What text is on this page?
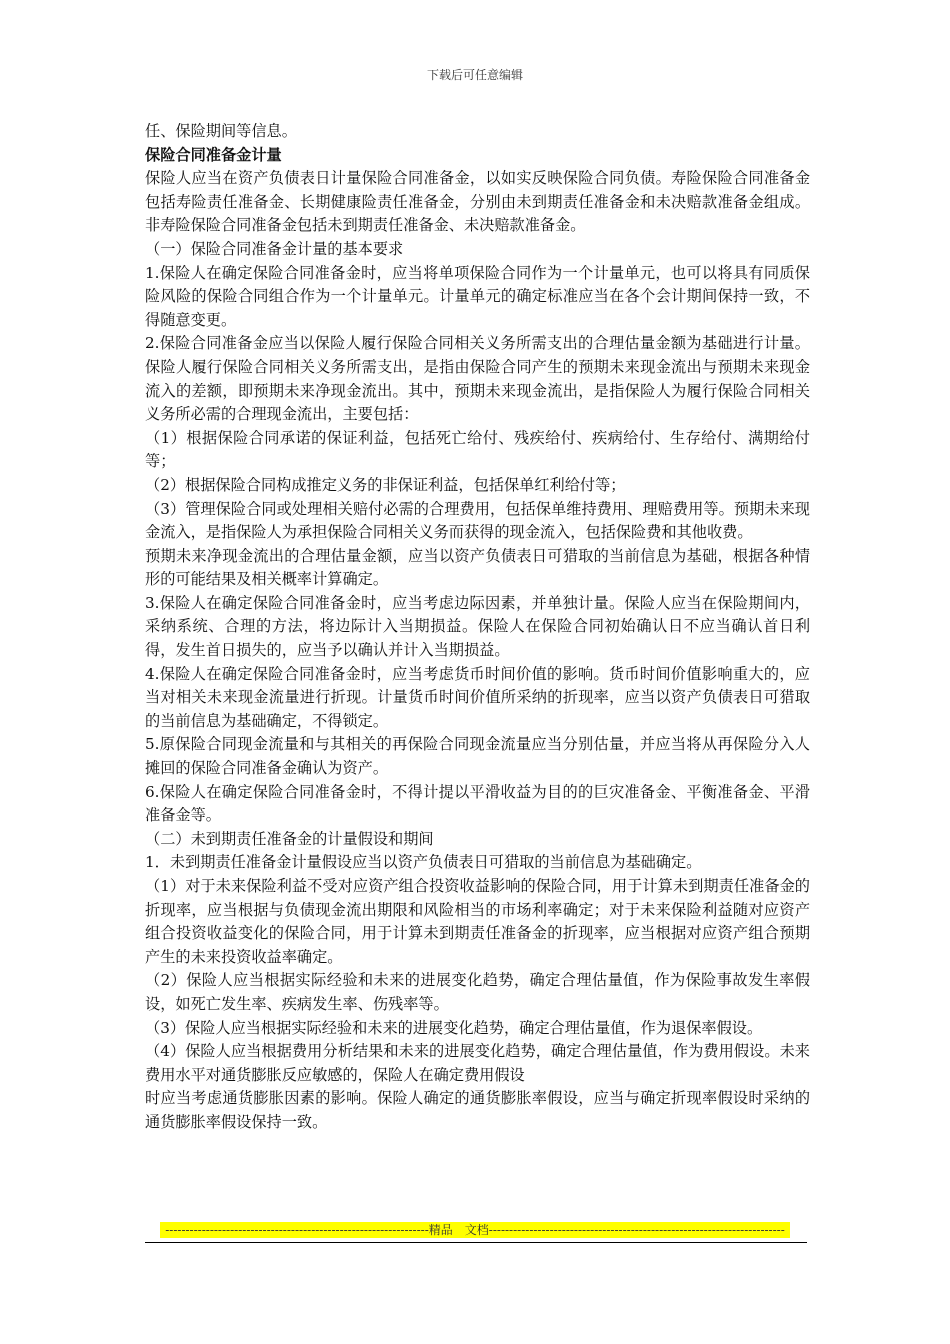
下载后可任意编辑

任、保险期间等信息。

保险合同准备金计量

保险人应当在资产负债表日计量保险合同准备金，以如实反映保险合同负债。寿险保险合同准备金包括寿险责任准备金、长期健康险责任准备金，分别由未到期责任准备金和未决赔款准备金组成。非寿险保险合同准备金包括未到期责任准备金、未决赔款准备金。

（一）保险合同准备金计量的基本要求

1.保险人在确定保险合同准备金时，应当将单项保险合同作为一个计量单元，也可以将具有同质保险风险的保险合同组合作为一个计量单元。计量单元的确定标准应当在各个会计期间保持一致，不得随意变更。

2.保险合同准备金应当以保险人履行保险合同相关义务所需支出的合理估量金额为基础进行计量。保险人履行保险合同相关义务所需支出，是指由保险合同产生的预期未来现金流出与预期未来现金流入的差额，即预期未来净现金流出。其中，预期未来现金流出，是指保险人为履行保险合同相关义务所必需的合理现金流出，主要包括：

（1）根据保险合同承诺的保证利益，包括死亡给付、残疾给付、疾病给付、生存给付、满期给付等；

（2）根据保险合同构成推定义务的非保证利益，包括保单红利给付等；

（3）管理保险合同或处理相关赔付必需的合理费用，包括保单维持费用、理赔费用等。预期未来现金流入，是指保险人为承担保险合同相关义务而获得的现金流入，包括保险费和其他收费。

预期未来净现金流出的合理估量金额，应当以资产负债表日可猎取的当前信息为基础，根据各种情形的可能结果及相关概率计算确定。

3.保险人在确定保险合同准备金时，应当考虑边际因素，并单独计量。保险人应当在保险期间内，采纳系统、合理的方法，将边际计入当期损益。保险人在保险合同初始确认日不应当确认首日利得，发生首日损失的，应当予以确认并计入当期损益。

4.保险人在确定保险合同准备金时，应当考虑货币时间价值的影响。货币时间价值影响重大的，应当对相关未来现金流量进行折现。计量货币时间价值所采纳的折现率，应当以资产负债表日可猎取的当前信息为基础确定，不得锁定。

5.原保险合同现金流量和与其相关的再保险合同现金流量应当分别估量，并应当将从再保险分入人摊回的保险合同准备金确认为资产。

6.保险人在确定保险合同准备金时，不得计提以平滑收益为目的的巨灾准备金、平衡准备金、平滑准备金等。

（二）未到期责任准备金的计量假设和期间

1．未到期责任准备金计量假设应当以资产负债表日可猎取的当前信息为基础确定。

（1）对于未来保险利益不受对应资产组合投资收益影响的保险合同，用于计算未到期责任准备金的折现率，应当根据与负债现金流出期限和风险相当的市场利率确定；对于未来保险利益随对应资产组合投资收益变化的保险合同，用于计算未到期责任准备金的折现率，应当根据对应资产组合预期产生的未来投资收益率确定。

（2）保险人应当根据实际经验和未来的进展变化趋势，确定合理估量值，作为保险事故发生率假设，如死亡发生率、疾病发生率、伤残率等。

（3）保险人应当根据实际经验和未来的进展变化趋势，确定合理估量值，作为退保率假设。

（4）保险人应当根据费用分析结果和未来的进展变化趋势，确定合理估量值，作为费用假设。未来费用水平对通货膨胀反应敏感的，保险人在确定费用假设

时应当考虑通货膨胀因素的影响。保险人确定的通货膨胀率假设，应当与确定折现率假设时采纳的通货膨胀率假设保持一致。

-----------------------------------------------------------------精品　文档-------------------------------------------------------------------------
